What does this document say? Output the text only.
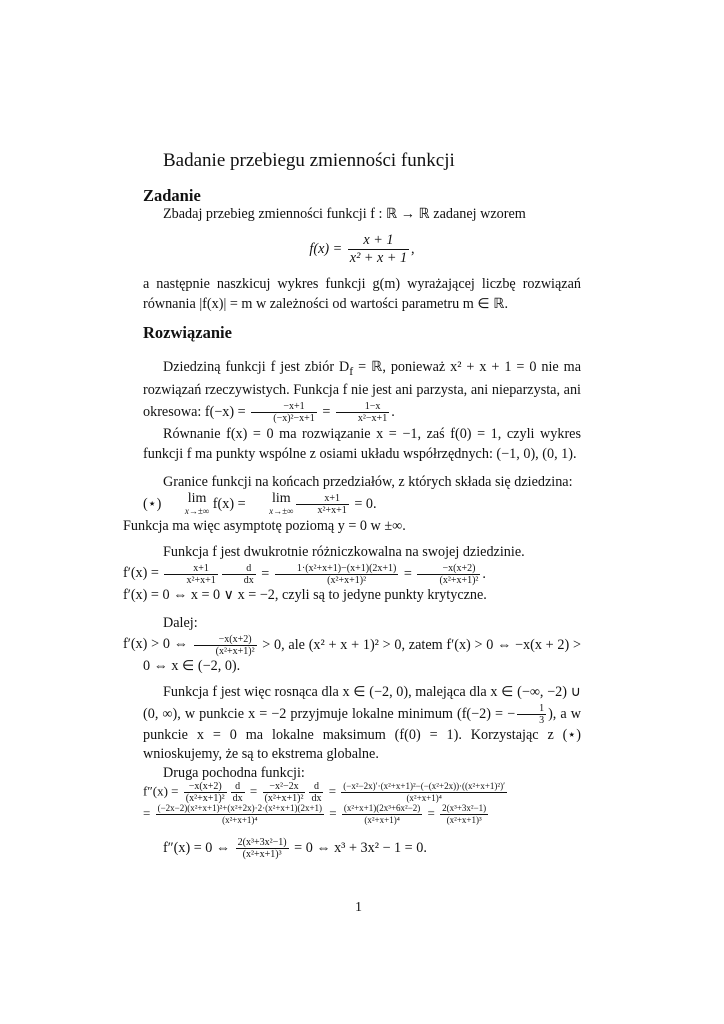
Badanie przebiegu zmienności funkcji
Zadanie
Zbadaj przebieg zmienności funkcji f : ℝ → ℝ zadanej wzorem
$f(x) = \frac{x + 1}{\text{x² + x + 1}}$ ,
a następnie naszkicuj wykres funkcji g(m) wyrażającej liczbę rozwiązań równania |f(x)| = m w zależności od wartości parametru m ∈ ℝ.
Rozwiązanie
Dziedziną funkcji f jest zbiór $D_f$ = ℝ, ponieważ x² + x + 1 = 0 nie ma rozwiązań rzeczywistych. Funkcja f nie jest ani parzysta, ani nieparzysta, ani okresowa: $f(-x) = \frac{-x+1}{\text{(−x)²−x+1}} = \frac{1-x}{\text{x²−x+1}}$ .
Równanie f(x) = 0 ma rozwiązanie x = −1, zaś f(0) = 1, czyli wykres funkcji f ma punkty wspólne z osiami układu współrzędnych: (−1, 0), (0, 1).
Granice funkcji na końcach przedziałów, z których składa się dziedzina:
(⋆)	lim
x→±∞ f(x) =	lim
$x\to\pm\infty \frac{x+1}{\text{x²+x+1}} = 0$.
Funkcja ma więc asymptotę poziomą y = 0 w ±∞.
Funkcja f jest dwukrotnie różniczkowalna na swojej dziedzinie.
$f'(x) = \frac{x+1}{\text{x²+x+1}} \frac{d}{dx} = \frac{\text{1·(x²+x+1)−(x+1)(2x+1)}}{\text{(x²+x+1)²}} = \frac{-x(x+2)}{\text{(x²+x+1)²}}$ .
f′(x) = 0 ⇔ x = 0 ∨ x = −2, czyli są to jedyne punkty krytyczne.
Dalej:
f′(x) > 0 ⇔ $\frac{-x(x+2)}{\text{(x²+x+1)²}} > 0$, ale (x² + x + 1)² > 0, zatem f′(x) > 0 ⇔ −x(x + 2) > 0 ⇔ x ∈ (−2, 0).
Funkcja f jest więc rosnąca dla x ∈ (−2, 0), malejąca dla x ∈ (−∞, −2) ∪ (0, ∞), w punkcie x = −2 przyjmuje lokalne minimum (f(−2) = − $\frac{1}{3}$ ), a w punkcie x = 0 ma lokalne maksimum (f(0) = 1). Korzystając z (⋆) wnioskujemy, że są to ekstrema globalne.
Druga pochodna funkcji:
$f''(x) = \frac{-x(x+2)}{\text{(x²+x+1)²}} \frac{d}{dx} = \frac{\text{−x²−2x}}{\text{(x²+x+1)²}} \frac{d}{dx} = \frac{\text{(−x²−2x)′·(x²+x+1)²−(−(x²+2x))·((x²+x+1)²)′}}{\text{(x²+x+1)⁴}}$
= $\frac{\text{(−2x−2)(x²+x+1)²+(x²+2x)·2·(x²+x+1)(2x+1)}}{\text{(x²+x+1)⁴}} = \frac{\text{(x²+x+1)(2x³+6x²−2)}}{\text{(x²+x+1)⁴}} = \frac{\text{2(x³+3x²−1)}}{\text{(x²+x+1)³}}$
f″(x) = 0 ⇔ $\frac{\text{2(x³+3x²−1)}}{\text{(x²+x+1)³}} = 0$ ⇔ x³ + 3x² − 1 = 0.
1
